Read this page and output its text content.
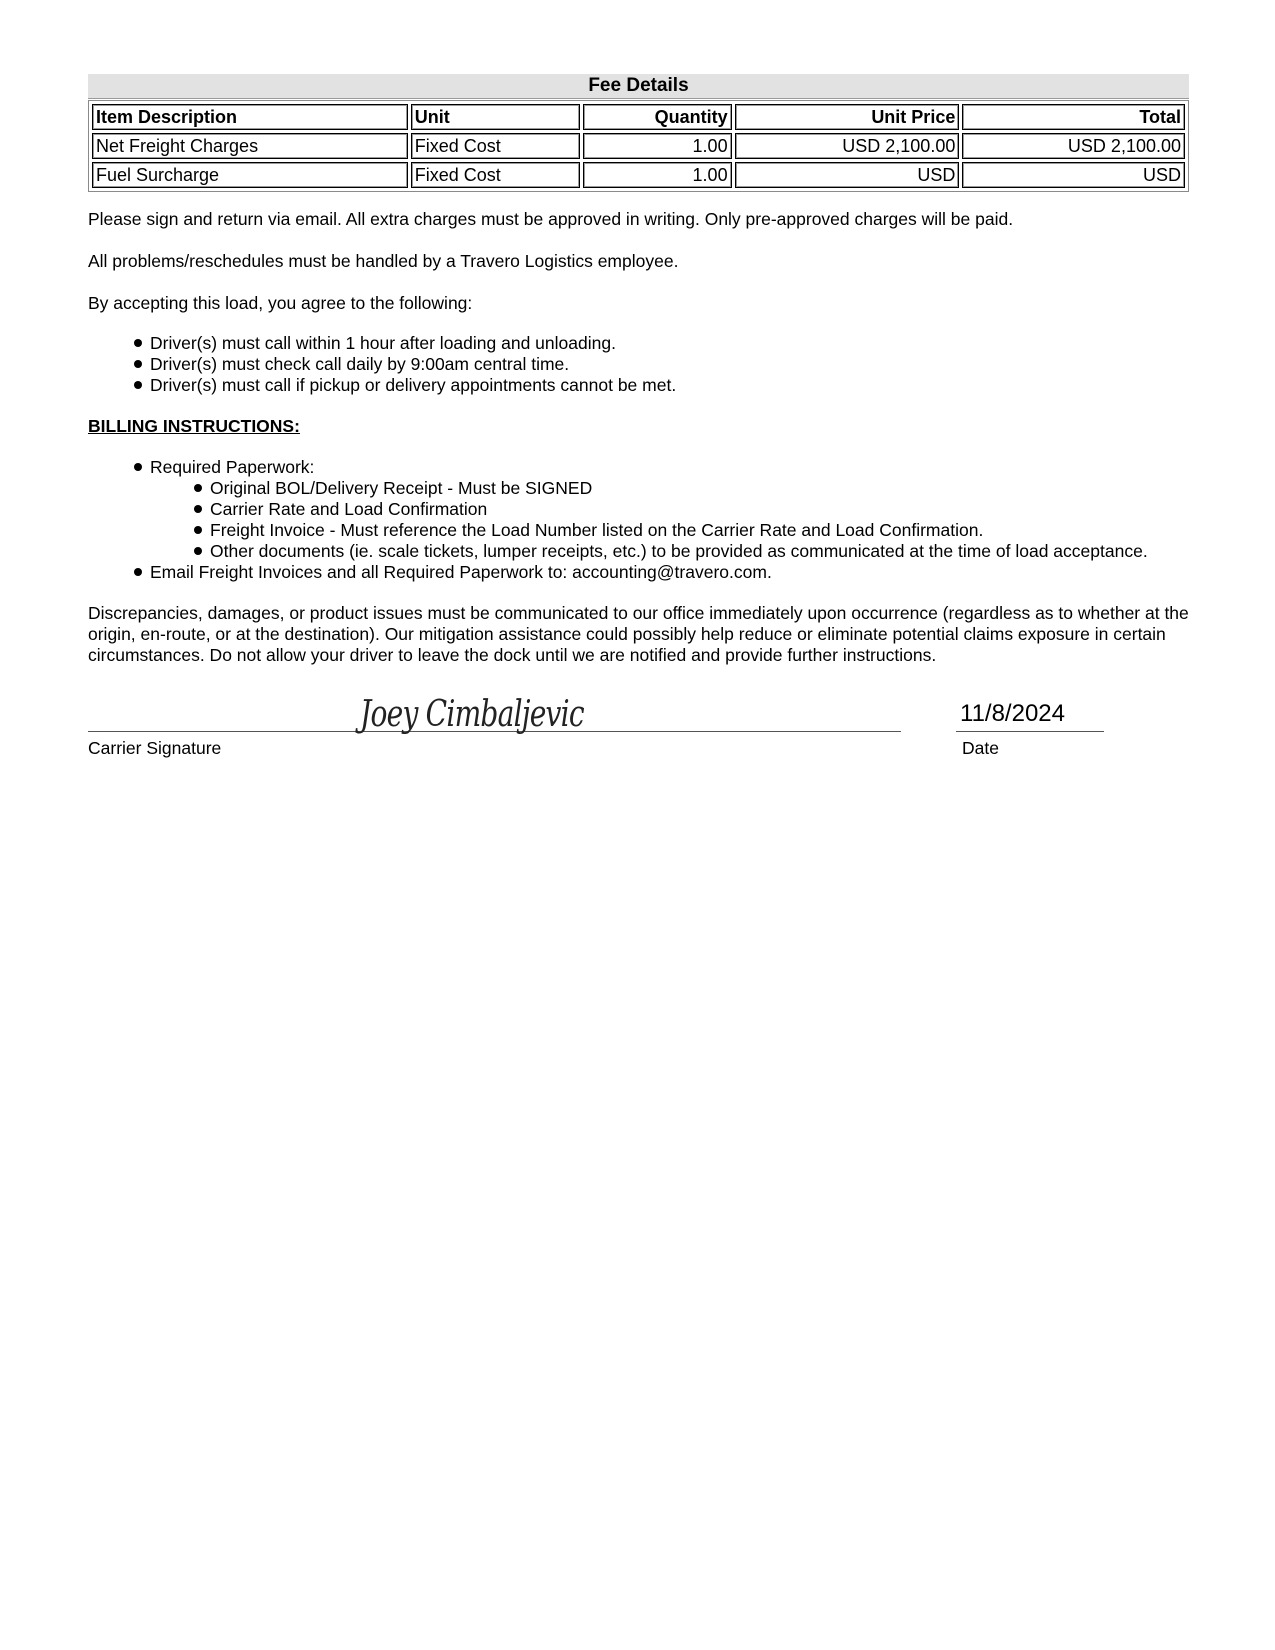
Fee Details
Item Description	Unit	Quantity	Unit Price	Total
Net Freight Charges	Fixed Cost	1.00	USD 2,100.00	USD 2,100.00
Fuel Surcharge	Fixed Cost	1.00	USD	USD

Please sign and return via email. All extra charges must be approved in writing. Only pre-approved charges will be paid.

All problems/reschedules must be handled by a Travero Logistics employee.

By accepting this load, you agree to the following:

Driver(s) must call within 1 hour after loading and unloading.
Driver(s) must check call daily by 9:00am central time.
Driver(s) must call if pickup or delivery appointments cannot be met.

BILLING INSTRUCTIONS:

Required Paperwork:
Original BOL/Delivery Receipt - Must be SIGNED
Carrier Rate and Load Confirmation
Freight Invoice - Must reference the Load Number listed on the Carrier Rate and Load Confirmation.
Other documents (ie. scale tickets, lumper receipts, etc.) to be provided as communicated at the time of load acceptance.
Email Freight Invoices and all Required Paperwork to: accounting@travero.com.

Discrepancies, damages, or product issues must be communicated to our office immediately upon occurrence (regardless as to whether at the origin, en-route, or at the destination). Our mitigation assistance could possibly help reduce or eliminate potential claims exposure in certain circumstances. Do not allow your driver to leave the dock until we are notified and provide further instructions.

Joey Cimbaljevic	11/8/2024
Carrier Signature	Date
